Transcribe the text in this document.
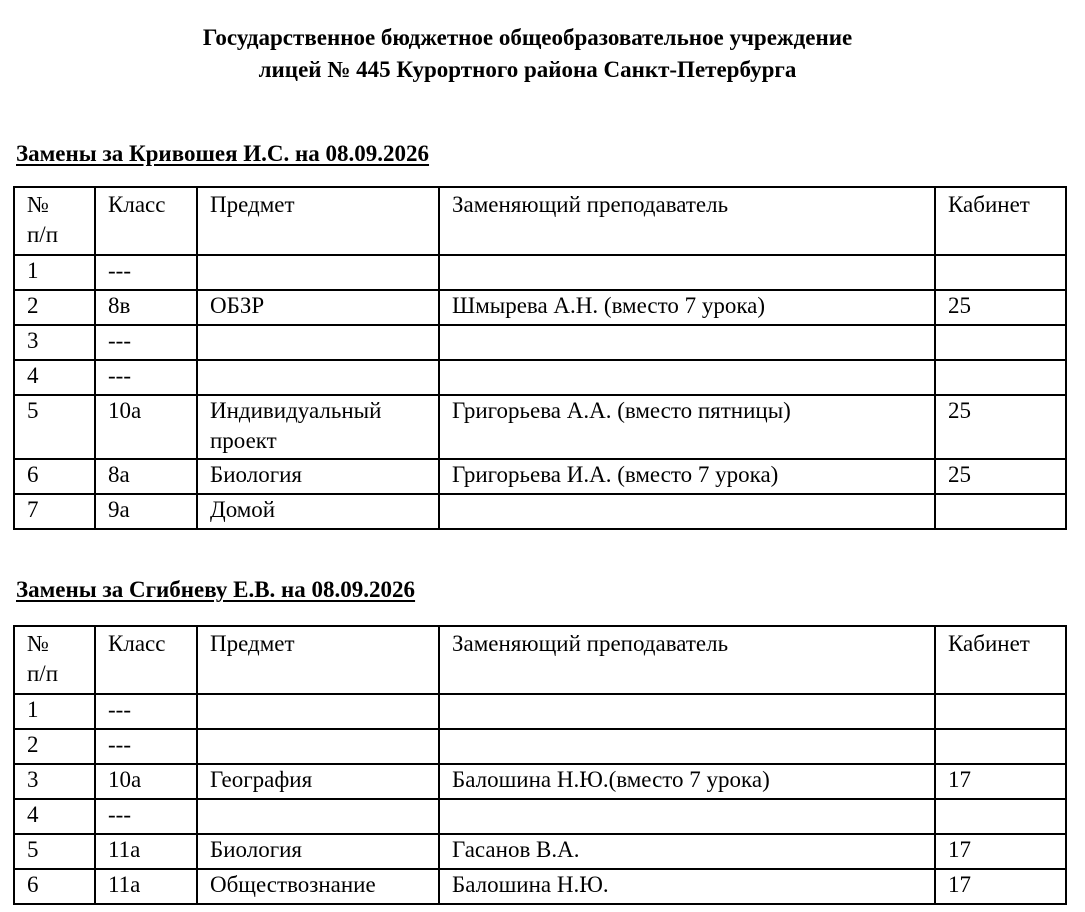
Государственное бюджетное общеобразовательное учреждение
лицей № 445 Курортного района Санкт-Петербурга
Замены за Кривошея И.С. на 08.09.2026
№
п/п	Класс	Предмет	Заменяющий преподаватель	Кабинет
1	---			
2	8в	ОБЗР	Шмырева А.Н. (вместо 7 урока)	25
3	---			
4	---			
5	10а	Индивидуальный проект	Григорьева А.А. (вместо пятницы)	25
6	8а	Биология	Григорьева И.А. (вместо 7 урока)	25
7	9а	Домой		
Замены за Сгибневу Е.В. на 08.09.2026
№
п/п	Класс	Предмет	Заменяющий преподаватель	Кабинет
1	---			
2	---			
3	10а	География	Балошина Н.Ю.(вместо 7 урока)	17
4	---			
5	11а	Биология	Гасанов В.А.	17
6	11а	Обществознание	Балошина Н.Ю.	17
